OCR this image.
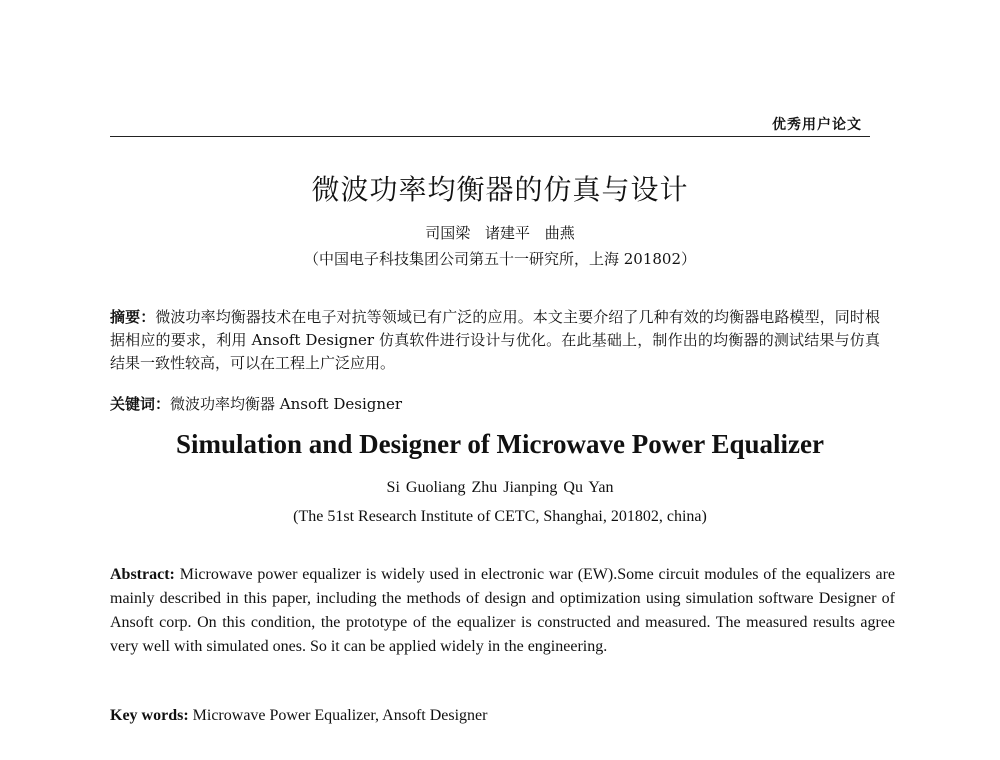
优秀用户论文
微波功率均衡器的仿真与设计
司国梁 诸建平 曲燕
（中国电子科技集团公司第五十一研究所，上海 201802）
摘要：微波功率均衡器技术在电子对抗等领域已有广泛的应用。本文主要介绍了几种有效的均衡器电路模型，同时根据相应的要求，利用 Ansoft Designer 仿真软件进行设计与优化。在此基础上，制作出的均衡器的测试结果与仿真结果一致性较高，可以在工程上广泛应用。
关键词：微波功率均衡器 Ansoft Designer
Simulation and Designer of Microwave Power Equalizer
Si Guoliang Zhu Jianping Qu Yan
(The 51st Research Institute of CETC, Shanghai, 201802, china)
Abstract: Microwave power equalizer is widely used in electronic war (EW).Some circuit modules of the equalizers are mainly described in this paper, including the methods of design and optimization using simulation software Designer of Ansoft corp. On this condition, the prototype of the equalizer is constructed and measured. The measured results agree very well with simulated ones. So it can be applied widely in the engineering.
Key words: Microwave Power Equalizer, Ansoft Designer
